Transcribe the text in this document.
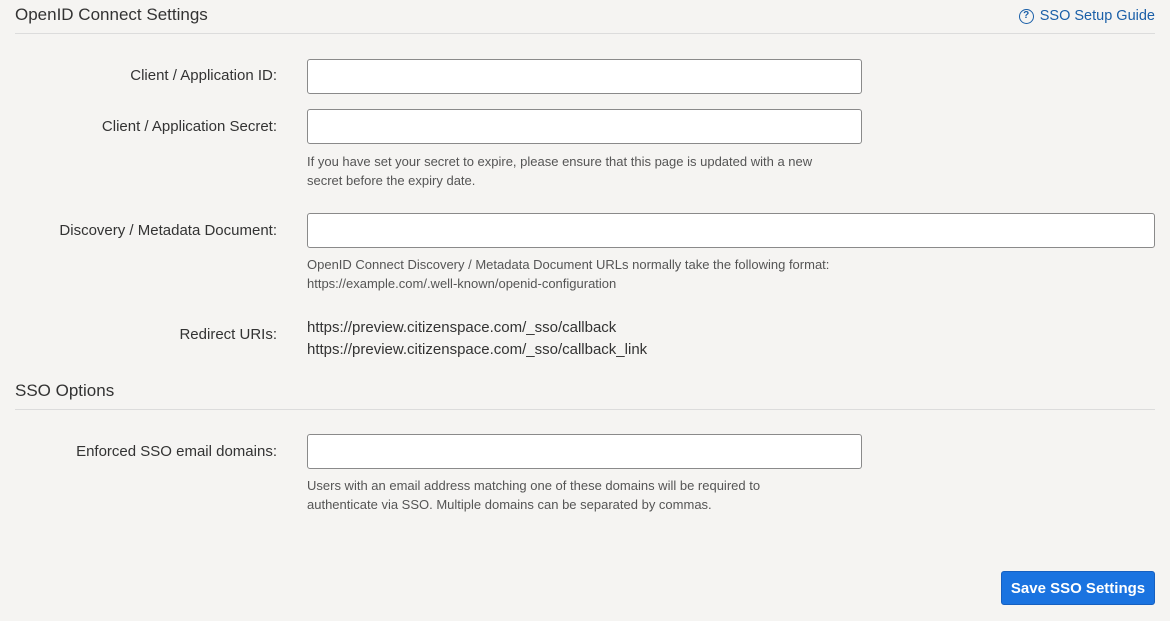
OpenID Connect Settings	? SSO Setup Guide
Client / Application ID:
Client / Application Secret:
If you have set your secret to expire, please ensure that this page is updated with a new
secret before the expiry date.
Discovery / Metadata Document:
OpenID Connect Discovery / Metadata Document URLs normally take the following format:
https://example.com/.well-known/openid-configuration
Redirect URIs: https://preview.citizenspace.com/_sso/callback
https://preview.citizenspace.com/_sso/callback_link
SSO Options
Enforced SSO email domains:
Users with an email address matching one of these domains will be required to
authenticate via SSO. Multiple domains can be separated by commas.
Save SSO Settings
